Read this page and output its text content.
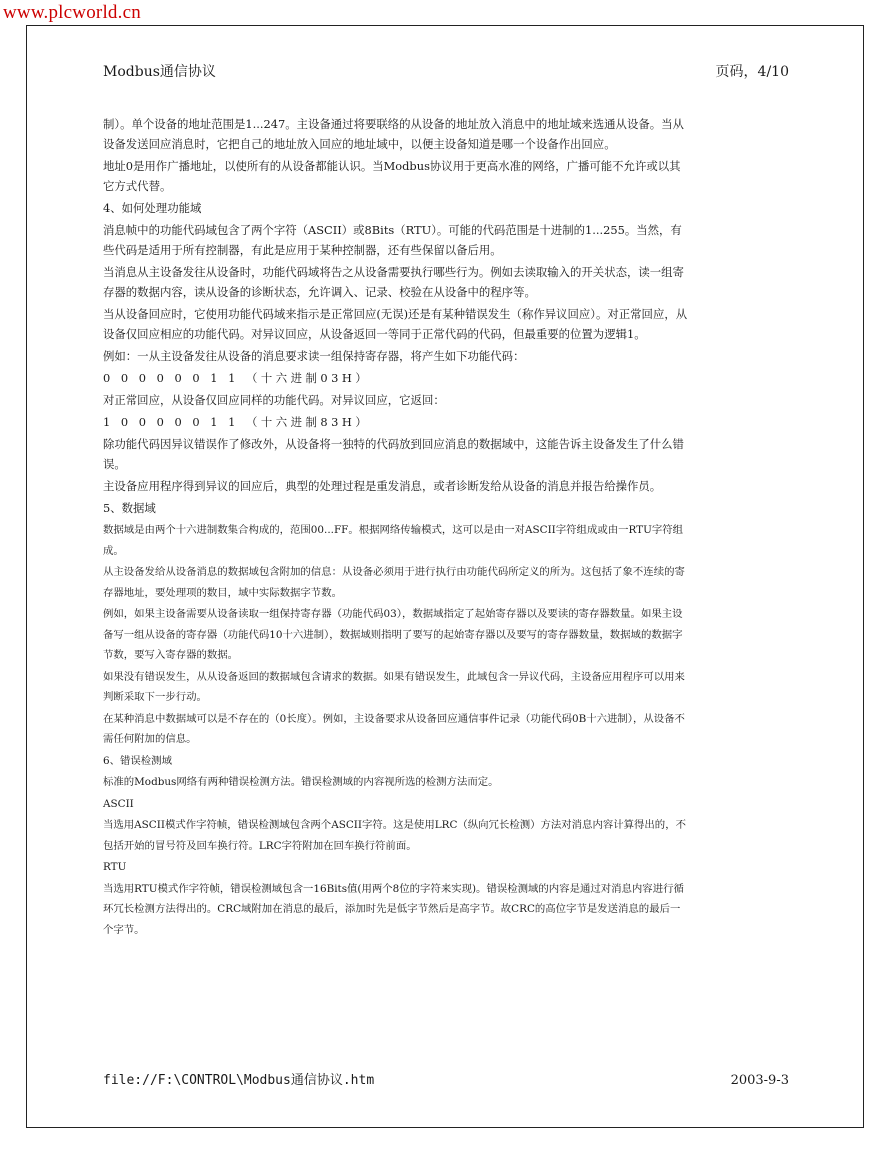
www.plcworld.cn
Modbus通信协议	页码，4/10

制）。单个设备的地址范围是1...247。主设备通过将要联络的从设备的地址放入消息中的地址域来选通从设备。当从设备发送回应消息时，它把自己的地址放入回应的地址域中，以便主设备知道是哪一个设备作出回应。

地址0是用作广播地址，以使所有的从设备都能认识。当Modbus协议用于更高水准的网络，广播可能不允许或以其它方式代替。

4、如何处理功能域

消息帧中的功能代码域包含了两个字符（ASCII）或8Bits（RTU）。可能的代码范围是十进制的1...255。当然，有些代码是适用于所有控制器，有此是应用于某种控制器，还有些保留以备后用。

当消息从主设备发往从设备时，功能代码域将告之从设备需要执行哪些行为。例如去读取输入的开关状态，读一组寄存器的数据内容，读从设备的诊断状态，允许调入、记录、校验在从设备中的程序等。

当从设备回应时，它使用功能代码域来指示是正常回应(无误)还是有某种错误发生（称作异议回应）。对正常回应，从设备仅回应相应的功能代码。对异议回应，从设备返回一等同于正常代码的代码，但最重要的位置为逻辑1。

例如：一从主设备发往从设备的消息要求读一组保持寄存器，将产生如下功能代码：

0 0 0 0 0 0 1 1 （十六进制03H）

对正常回应，从设备仅回应同样的功能代码。对异议回应，它返回：

1 0 0 0 0 0 1 1 （十六进制83H）

除功能代码因异议错误作了修改外，从设备将一独特的代码放到回应消息的数据域中，这能告诉主设备发生了什么错误。

主设备应用程序得到异议的回应后，典型的处理过程是重发消息，或者诊断发给从设备的消息并报告给操作员。

5、数据域

数据域是由两个十六进制数集合构成的，范围00...FF。根据网络传输模式，这可以是由一对ASCII字符组成或由一RTU字符组成。

从主设备发给从设备消息的数据域包含附加的信息：从设备必须用于进行执行由功能代码所定义的所为。这包括了象不连续的寄存器地址，要处理项的数目，域中实际数据字节数。

例如，如果主设备需要从设备读取一组保持寄存器（功能代码03），数据域指定了起始寄存器以及要读的寄存器数量。如果主设备写一组从设备的寄存器（功能代码10十六进制），数据域则指明了要写的起始寄存器以及要写的寄存器数量，数据域的数据字节数，要写入寄存器的数据。

如果没有错误发生，从从设备返回的数据域包含请求的数据。如果有错误发生，此域包含一异议代码，主设备应用程序可以用来判断采取下一步行动。

在某种消息中数据域可以是不存在的（0长度）。例如，主设备要求从设备回应通信事件记录（功能代码0B十六进制），从设备不需任何附加的信息。

6、错误检测域

标准的Modbus网络有两种错误检测方法。错误检测域的内容视所选的检测方法而定。

ASCII

当选用ASCII模式作字符帧，错误检测域包含两个ASCII字符。这是使用LRC（纵向冗长检测）方法对消息内容计算得出的，不包括开始的冒号符及回车换行符。LRC字符附加在回车换行符前面。

RTU

当选用RTU模式作字符帧，错误检测域包含一16Bits值(用两个8位的字符来实现)。错误检测域的内容是通过对消息内容进行循环冗长检测方法得出的。CRC域附加在消息的最后，添加时先是低字节然后是高字节。故CRC的高位字节是发送消息的最后一个字节。

file://F:\CONTROL\Modbus通信协议.htm	2003-9-3
